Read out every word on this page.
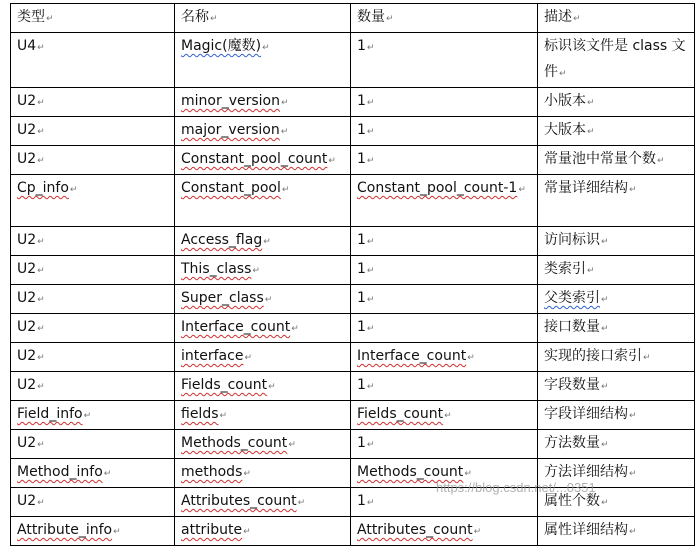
类型↵	名称↵	数量↵	描述↵
U4↵	Magic(魔数)↵	1↵	标识该文件是 class 文件↵
U2↵	minor_version↵	1↵	小版本↵
U2↵	major_version↵	1↵	大版本↵
U2↵	Constant_pool_count↵	1↵	常量池中常量个数↵
Cp_info↵	Constant_pool↵	Constant_pool_count-1↵	常量详细结构↵
U2↵	Access_flag↵	1↵	访问标识↵
U2↵	This_class↵	1↵	类索引↵
U2↵	Super_class↵	1↵	父类索引↵
U2↵	Interface_count↵	1↵	接口数量↵
U2↵	interface↵	Interface_count↵	实现的接口索引↵
U2↵	Fields_count↵	1↵	字段数量↵
Field_info↵	fields↵	Fields_count↵	字段详细结构↵
U2↵	Methods_count↵	1↵	方法数量↵
Method_info↵	methods↵	Methods_count↵	方法详细结构↵
U2↵	Attributes_count↵	1↵	属性个数↵
Attribute_info↵	attribute↵	Attributes_count↵	属性详细结构↵
https://blog.csdn.net/...0351
